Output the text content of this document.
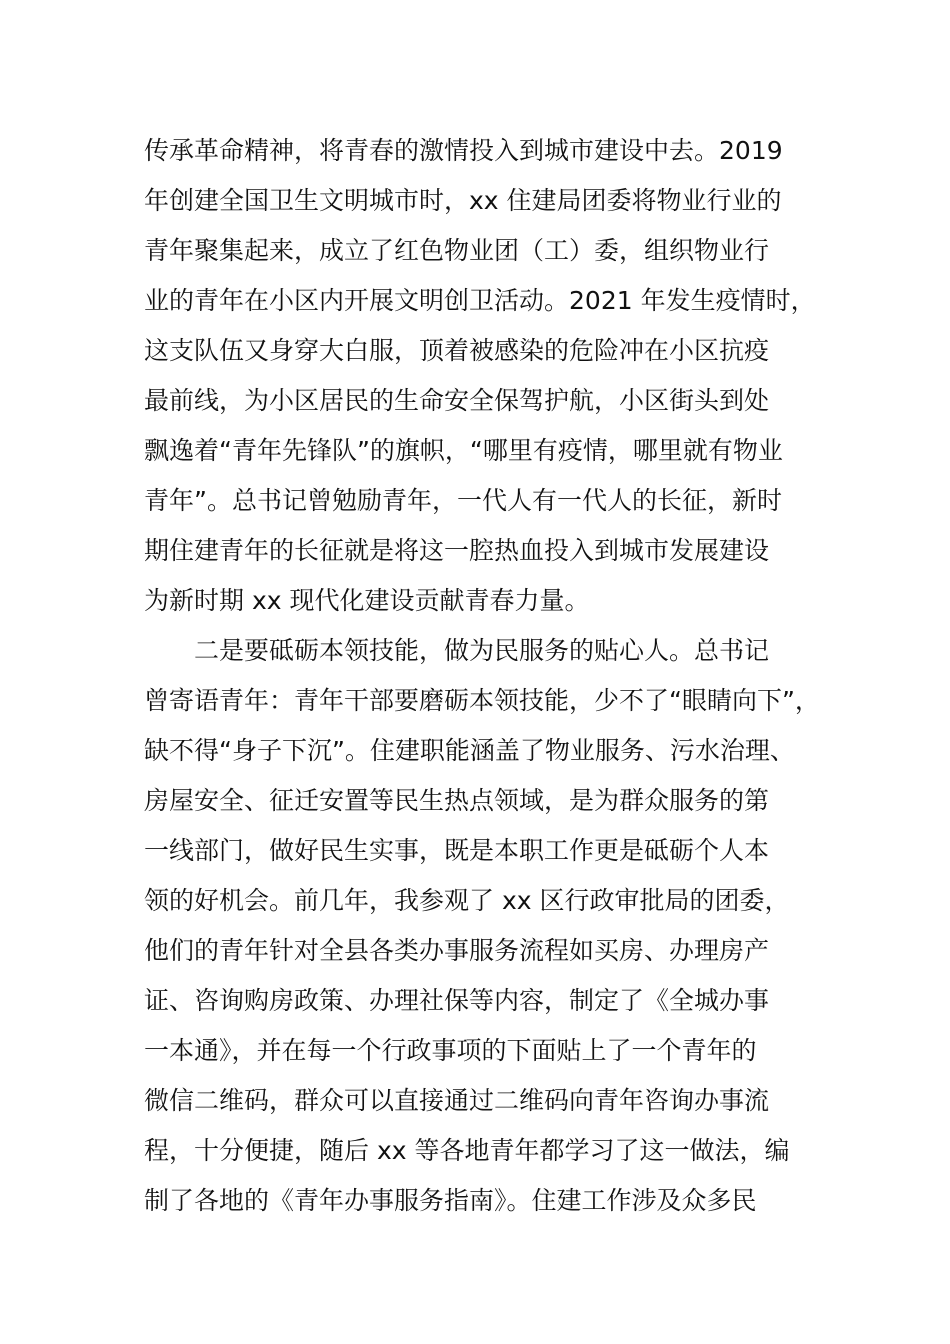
传承革命精神，将青春的激情投入到城市建设中去。2019
年创建全国卫生文明城市时，xx 住建局团委将物业行业的
青年聚集起来，成立了红色物业团（工）委，组织物业行
业的青年在小区内开展文明创卫活动。2021 年发生疫情时，
这支队伍又身穿大白服，顶着被感染的危险冲在小区抗疫
最前线，为小区居民的生命安全保驾护航，小区街头到处
飘逸着“青年先锋队”的旗帜，“哪里有疫情，哪里就有物业
青年”。总书记曾勉励青年，一代人有一代人的长征，新时
期住建青年的长征就是将这一腔热血投入到城市发展建设
为新时期 xx 现代化建设贡献青春力量。
二是要砥砺本领技能，做为民服务的贴心人。总书记
曾寄语青年：青年干部要磨砺本领技能，少不了“眼睛向下”，
缺不得“身子下沉”。住建职能涵盖了物业服务、污水治理、
房屋安全、征迁安置等民生热点领域，是为群众服务的第
一线部门，做好民生实事，既是本职工作更是砥砺个人本
领的好机会。前几年，我参观了 xx 区行政审批局的团委，
他们的青年针对全县各类办事服务流程如买房、办理房产
证、咨询购房政策、办理社保等内容，制定了《全城办事
一本通》，并在每一个行政事项的下面贴上了一个青年的
微信二维码，群众可以直接通过二维码向青年咨询办事流
程，十分便捷，随后 xx 等各地青年都学习了这一做法，编
制了各地的《青年办事服务指南》。住建工作涉及众多民
